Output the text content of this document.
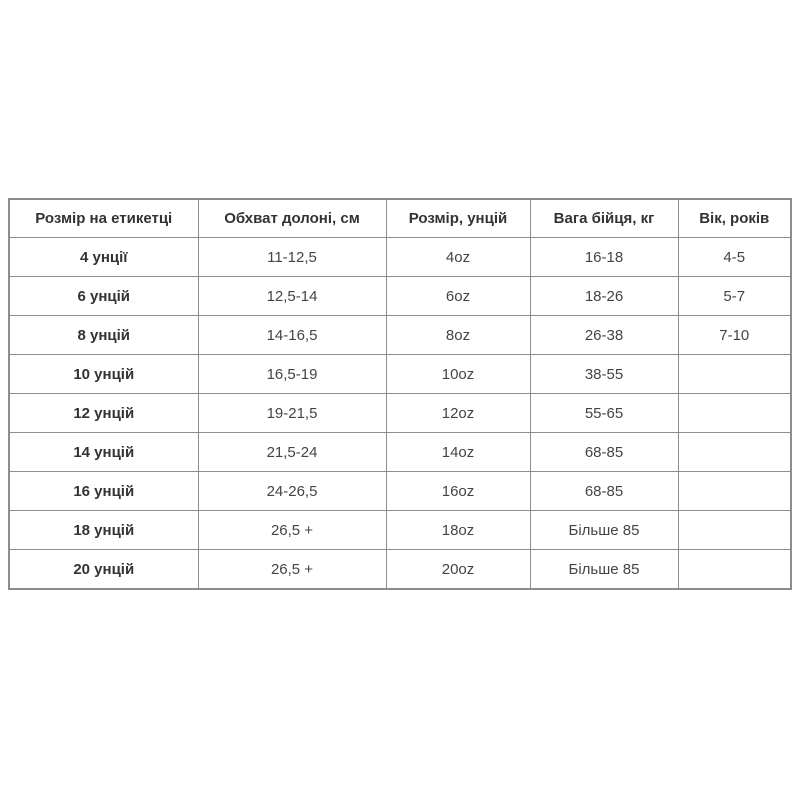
Розмір на етикетці	Обхват долоні, см	Розмір, унцій	Вага бійця, кг	Вік, років
4 унції	11-12,5	4oz	16-18	4-5
6 унцій	12,5-14	6oz	18-26	5-7
8 унцій	14-16,5	8oz	26-38	7-10
10 унцій	16,5-19	10oz	38-55	
12 унцій	19-21,5	12oz	55-65	
14 унцій	21,5-24	14oz	68-85	
16 унцій	24-26,5	16oz	68-85	
18 унцій	26,5 +	18oz	Більше 85	
20 унцій	26,5 +	20oz	Більше 85	
